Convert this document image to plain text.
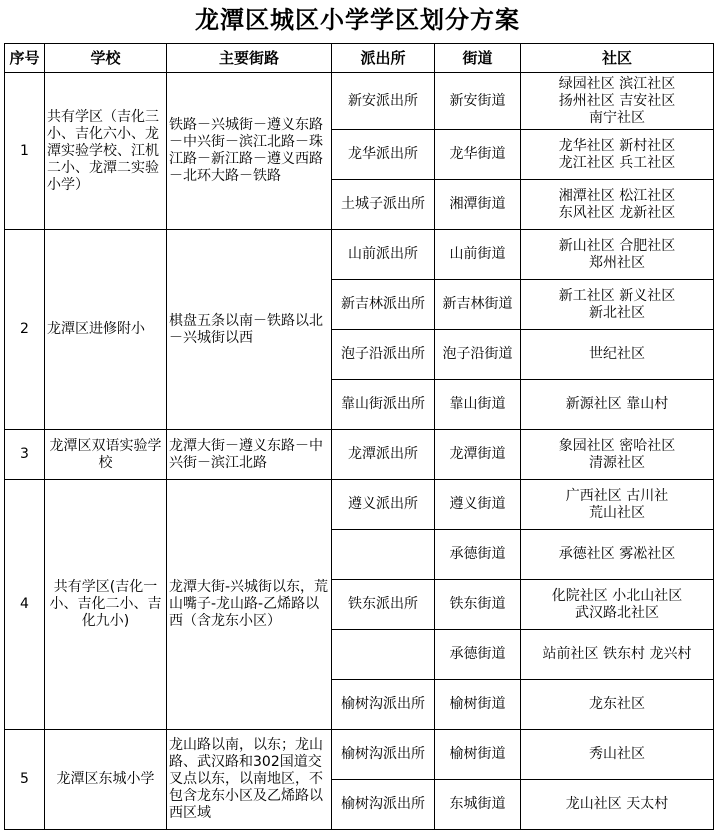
龙潭区城区小学学区划分方案
序号	学校	主要街路	派出所	街道	社区
1	共有学区（吉化三小、吉化六小、龙潭实验学校、江机二小、龙潭二实验小学）	铁路－兴城街－遵义东路－中兴街－滨江北路－珠江路－新江路－遵义西路－北环大路－铁路	新安派出所	新安街道	绿园社区 滨江社区
扬州社区 吉安社区
南宁社区

			龙华派出所	龙华街道	龙华社区 新村社区
龙江社区 兵工社区

			土城子派出所	湘潭街道	湘潭社区 松江社区
东风社区 龙新社区

2	龙潭区进修附小	棋盘五条以南－铁路以北－兴城街以西	山前派出所	山前街道	新山社区 合肥社区
郑州社区

			新吉林派出所	新吉林街道	新工社区 新义社区
新北社区

			泡子沿派出所	泡子沿街道	世纪社区

			靠山街派出所	靠山街道	新源社区 靠山村

3	龙潭区双语实验学校	龙潭大街－遵义东路－中兴街－滨江北路	龙潭派出所	龙潭街道	象园社区 密哈社区
清源社区

4	共有学区(吉化一小、吉化二小、吉化九小)	龙潭大街-兴城街以东，荒山嘴子-龙山路-乙烯路以西（含龙东小区）	遵义派出所	遵义街道	广西社区 古川社
荒山社区

				承德街道	承德社区 雾凇社区

			铁东派出所	铁东街道	化院社区 小北山社区
武汉路北社区

				承德街道	站前社区 铁东村 龙兴村

			榆树沟派出所	榆树街道	龙东社区

5	龙潭区东城小学	龙山路以南，以东；龙山路、武汉路和302国道交叉点以东，以南地区，不包含龙东小区及乙烯路以西区域	榆树沟派出所	榆树街道	秀山社区

			榆树沟派出所	东城街道	龙山社区 天太村
